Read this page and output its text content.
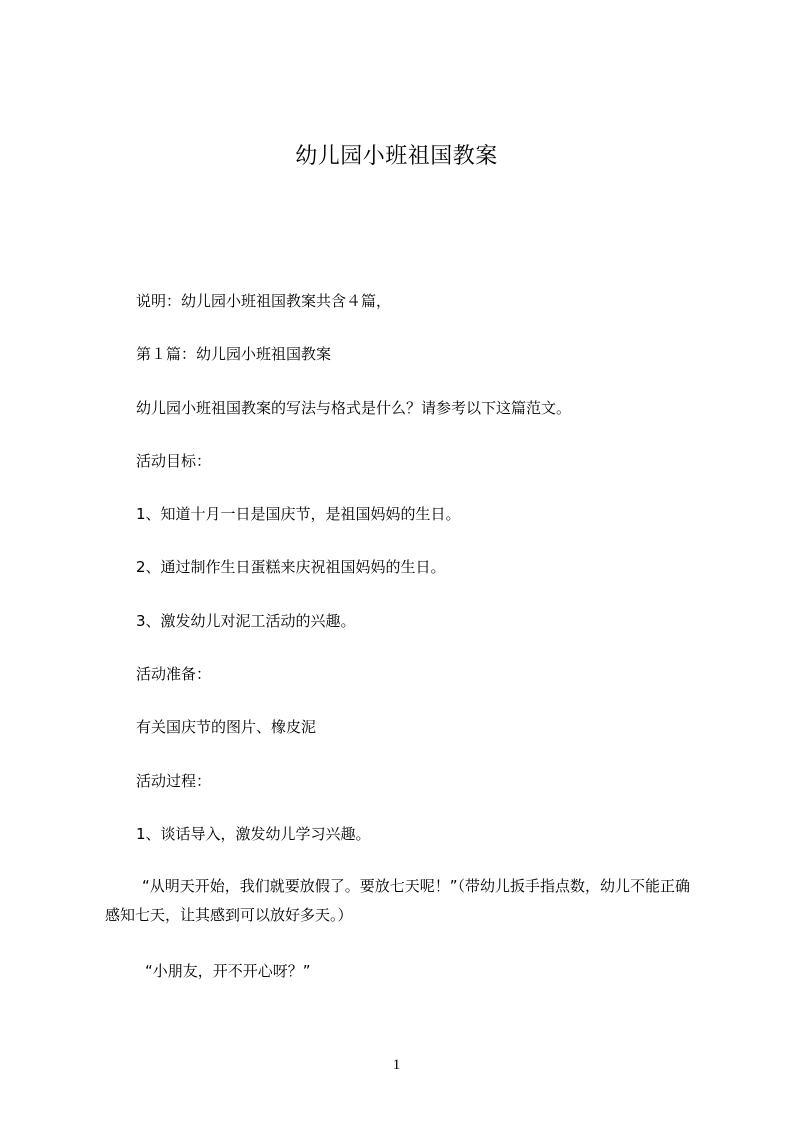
幼儿园小班祖国教案
说明：幼儿园小班祖国教案共含４篇，
第１篇：幼儿园小班祖国教案
幼儿园小班祖国教案的写法与格式是什么？请参考以下这篇范文。
活动目标：
1、知道十月一日是国庆节，是祖国妈妈的生日。
2、通过制作生日蛋糕来庆祝祖国妈妈的生日。
3、激发幼儿对泥工活动的兴趣。
活动准备：
有关国庆节的图片、橡皮泥
活动过程：
1、谈话导入，激发幼儿学习兴趣。
“从明天开始，我们就要放假了。要放七天呢！”（带幼儿扳手指点数，幼儿不能正确感知七天，让其感到可以放好多天。）
“小朋友，开不开心呀？”
1
